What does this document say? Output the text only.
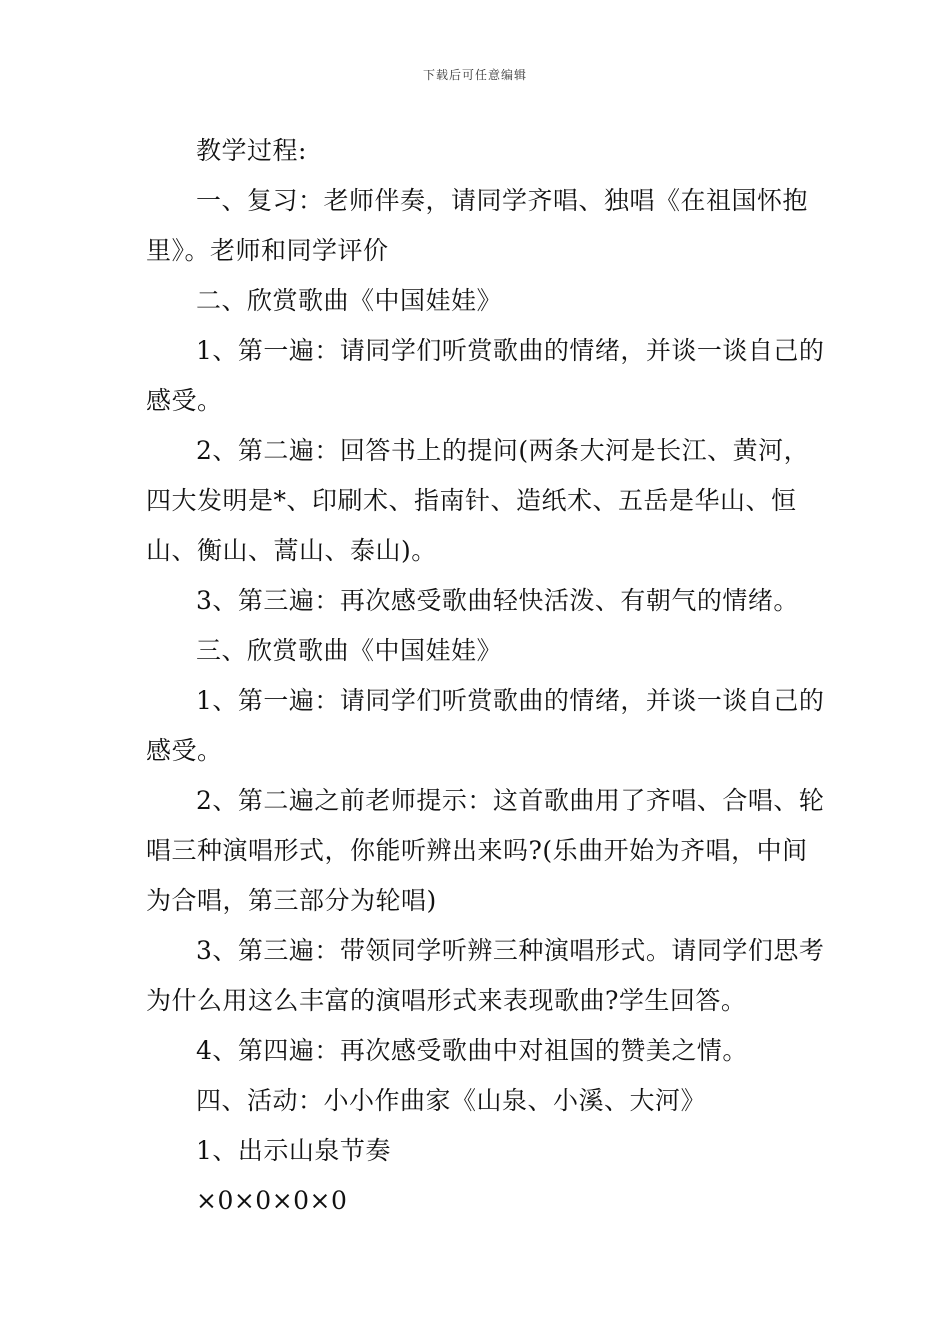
下载后可任意编辑

教学过程:

一、复习：老师伴奏，请同学齐唱、独唱《在祖国怀抱里》。老师和同学评价

二、欣赏歌曲《中国娃娃》

1、第一遍：请同学们听赏歌曲的情绪，并谈一谈自己的感受。

2、第二遍：回答书上的提问(两条大河是长江、黄河，四大发明是*、印刷术、指南针、造纸术、五岳是华山、恒山、衡山、蒿山、泰山)。

3、第三遍：再次感受歌曲轻快活泼、有朝气的情绪。

三、欣赏歌曲《中国娃娃》

1、第一遍：请同学们听赏歌曲的情绪，并谈一谈自己的感受。

2、第二遍之前老师提示：这首歌曲用了齐唱、合唱、轮唱三种演唱形式，你能听辨出来吗?(乐曲开始为齐唱，中间为合唱，第三部分为轮唱)

3、第三遍：带领同学听辨三种演唱形式。请同学们思考为什么用这么丰富的演唱形式来表现歌曲?学生回答。

4、第四遍：再次感受歌曲中对祖国的赞美之情。

四、活动：小小作曲家《山泉、小溪、大河》

1、出示山泉节奏

×0×0×0×0
